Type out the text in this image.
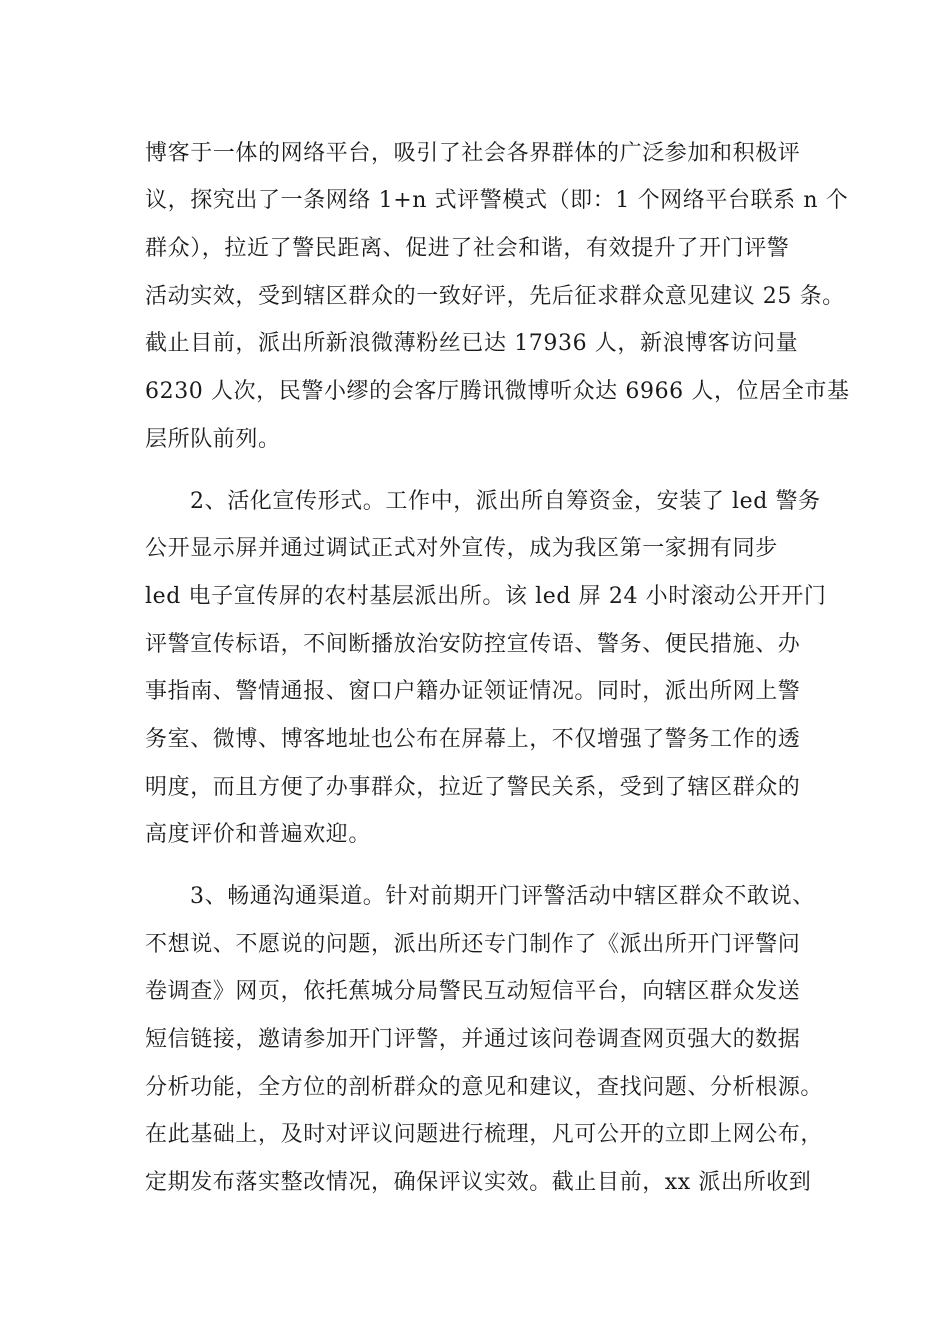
博客于一体的网络平台，吸引了社会各界群体的广泛参加和积极评
议，探究出了一条网络 1+n 式评警模式（即：1 个网络平台联系 n 个
群众），拉近了警民距离、促进了社会和谐，有效提升了开门评警
活动实效，受到辖区群众的一致好评，先后征求群众意见建议 25 条。
截止目前，派出所新浪微薄粉丝已达 17936 人，新浪博客访问量
6230 人次，民警小缪的会客厅腾讯微博听众达 6966 人，位居全市基
层所队前列。
2、活化宣传形式。工作中，派出所自筹资金，安装了 led 警务
公开显示屏并通过调试正式对外宣传，成为我区第一家拥有同步
led 电子宣传屏的农村基层派出所。该 led 屏 24 小时滚动公开开门
评警宣传标语，不间断播放治安防控宣传语、警务、便民措施、办
事指南、警情通报、窗口户籍办证领证情况。同时，派出所网上警
务室、微博、博客地址也公布在屏幕上，不仅增强了警务工作的透
明度，而且方便了办事群众，拉近了警民关系，受到了辖区群众的
高度评价和普遍欢迎。
3、畅通沟通渠道。针对前期开门评警活动中辖区群众不敢说、
不想说、不愿说的问题，派出所还专门制作了《派出所开门评警问
卷调查》网页，依托蕉城分局警民互动短信平台，向辖区群众发送
短信链接，邀请参加开门评警，并通过该问卷调查网页强大的数据
分析功能，全方位的剖析群众的意见和建议，查找问题、分析根源。
在此基础上，及时对评议问题进行梳理，凡可公开的立即上网公布，
定期发布落实整改情况，确保评议实效。截止目前，xx 派出所收到
